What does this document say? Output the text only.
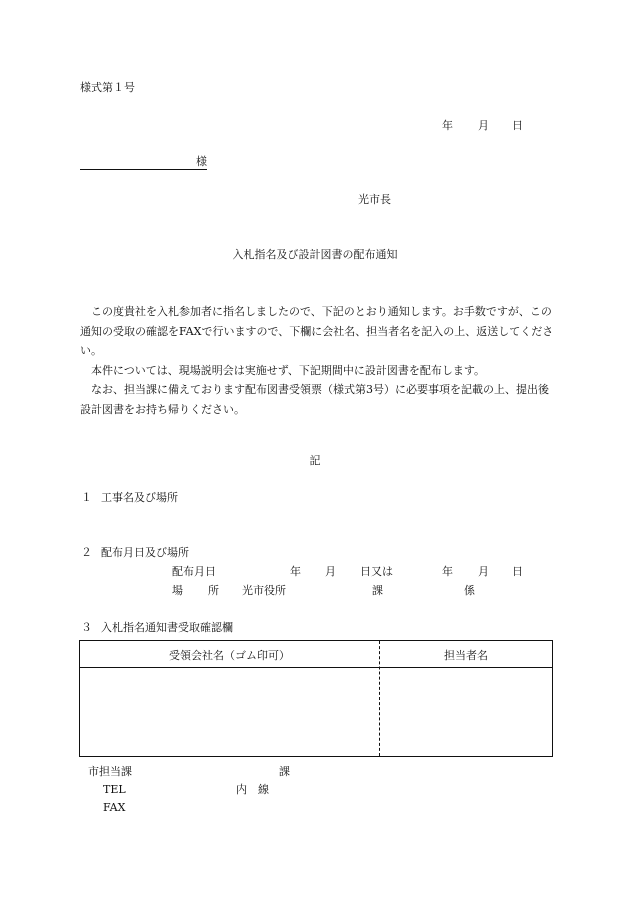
様式第１号
年 月 日
様
光市長
入札指名及び設計図書の配布通知

この度貴社を入札参加者に指名しましたので、下記のとおり通知します。お手数ですが、この通知の受取の確認をFAXで行いますので、下欄に会社名、担当者名を記入の上、返送してください。

本件については、現場説明会は実施せず、下記期間中に設計図書を配布します。

なお、担当課に備えております配布図書受領票（様式第3号）に必要事項を記載の上、提出後設計図書をお持ち帰りください。

記
１ 工事名及び場所
２ 配布月日及び場所
配布月日	年 月 日又は	年 月 日
場 所 光市役所	課	係
３ 入札指名通知書受取確認欄
受領会社名（ゴム印可）	担当者名
市担当課	課
TEL	内　線
FAX
